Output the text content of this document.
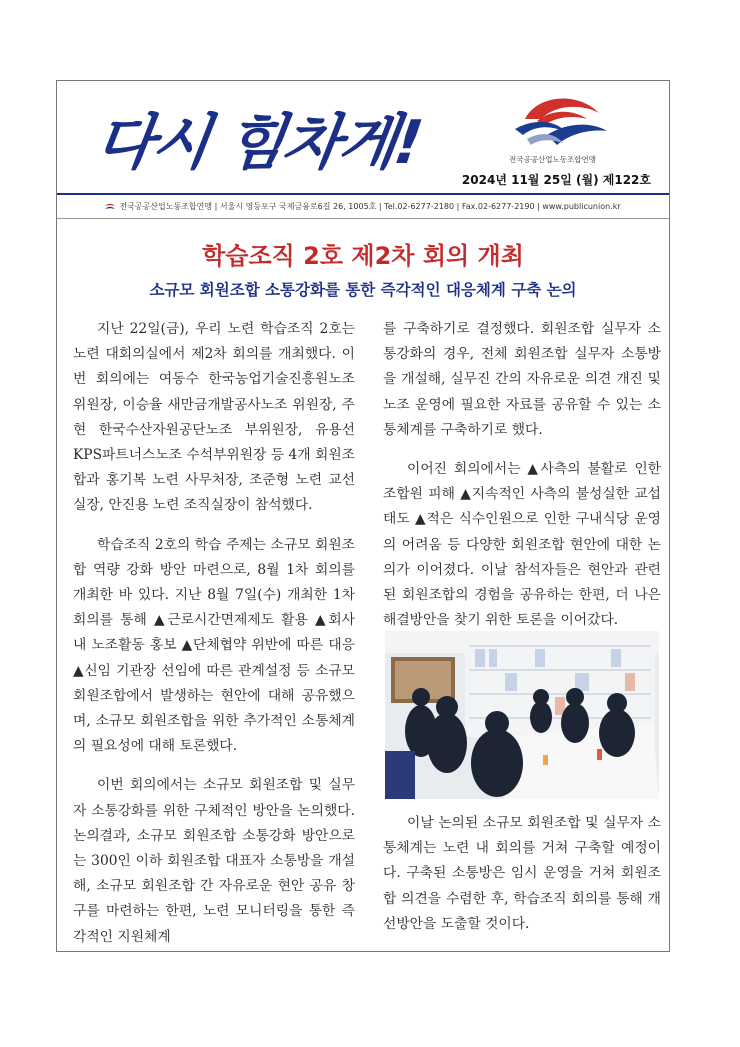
다시 힘차게!	전국공공산업노동조합연맹
2024년 11월 25일 (월) 제122호
전국공공산업노동조합연맹 | 서울시 영등포구 국제금융로6길 26, 1005호 | Tel.02-6277-2180 | Fax.02-6277-2190 | www.publicunion.kr
학습조직 2호 제2차 회의 개최
소규모 회원조합 소통강화를 통한 즉각적인 대응체계 구축 논의

지난 22일(금), 우리 노련 학습조직 2호는 노련 대회의실에서 제2차 회의를 개최했다. 이번 회의에는 여동수 한국농업기술진흥원노조 위원장, 이승율 새만금개발공사노조 위원장, 주현 한국수산자원공단노조 부위원장, 유용선 KPS파트너스노조 수석부위원장 등 4개 회원조합과 홍기복 노련 사무처장, 조준형 노련 교선실장, 안진용 노련 조직실장이 참석했다.

학습조직 2호의 학습 주제는 소규모 회원조합 역량 강화 방안 마련으로, 8월 1차 회의를 개최한 바 있다. 지난 8월 7일(수) 개최한 1차 회의를 통해 ▲근로시간면제제도 활용 ▲회사 내 노조활동 홍보 ▲단체협약 위반에 따른 대응 ▲신임 기관장 선임에 따른 관계설정 등 소규모 회원조합에서 발생하는 현안에 대해 공유했으며, 소규모 회원조합을 위한 추가적인 소통체계의 필요성에 대해 토론했다.

이번 회의에서는 소규모 회원조합 및 실무자 소통강화를 위한 구체적인 방안을 논의했다. 논의결과, 소규모 회원조합 소통강화 방안으로는 300인 이하 회원조합 대표자 소통방을 개설해, 소규모 회원조합 간 자유로운 현안 공유 창구를 마련하는 한편, 노련 모니터링을 통한 즉각적인 지원체계

를 구축하기로 결정했다. 회원조합 실무자 소통강화의 경우, 전체 회원조합 실무자 소통방을 개설해, 실무진 간의 자유로운 의견 개진 및 노조 운영에 필요한 자료를 공유할 수 있는 소통체계를 구축하기로 했다.

이어진 회의에서는 ▲사측의 불활로 인한 조합원 피해 ▲지속적인 사측의 불성실한 교섭 태도 ▲적은 식수인원으로 인한 구내식당 운영의 어려움 등 다양한 회원조합 현안에 대한 논의가 이어졌다. 이날 참석자들은 현안과 관련된 회원조합의 경험을 공유하는 한편, 더 나은 해결방안을 찾기 위한 토론을 이어갔다.

이날 논의된 소규모 회원조합 및 실무자 소통체계는 노련 내 회의를 거쳐 구축할 예정이다. 구축된 소통방은 임시 운영을 거쳐 회원조합 의견을 수렴한 후, 학습조직 회의를 통해 개선방안을 도출할 것이다.
